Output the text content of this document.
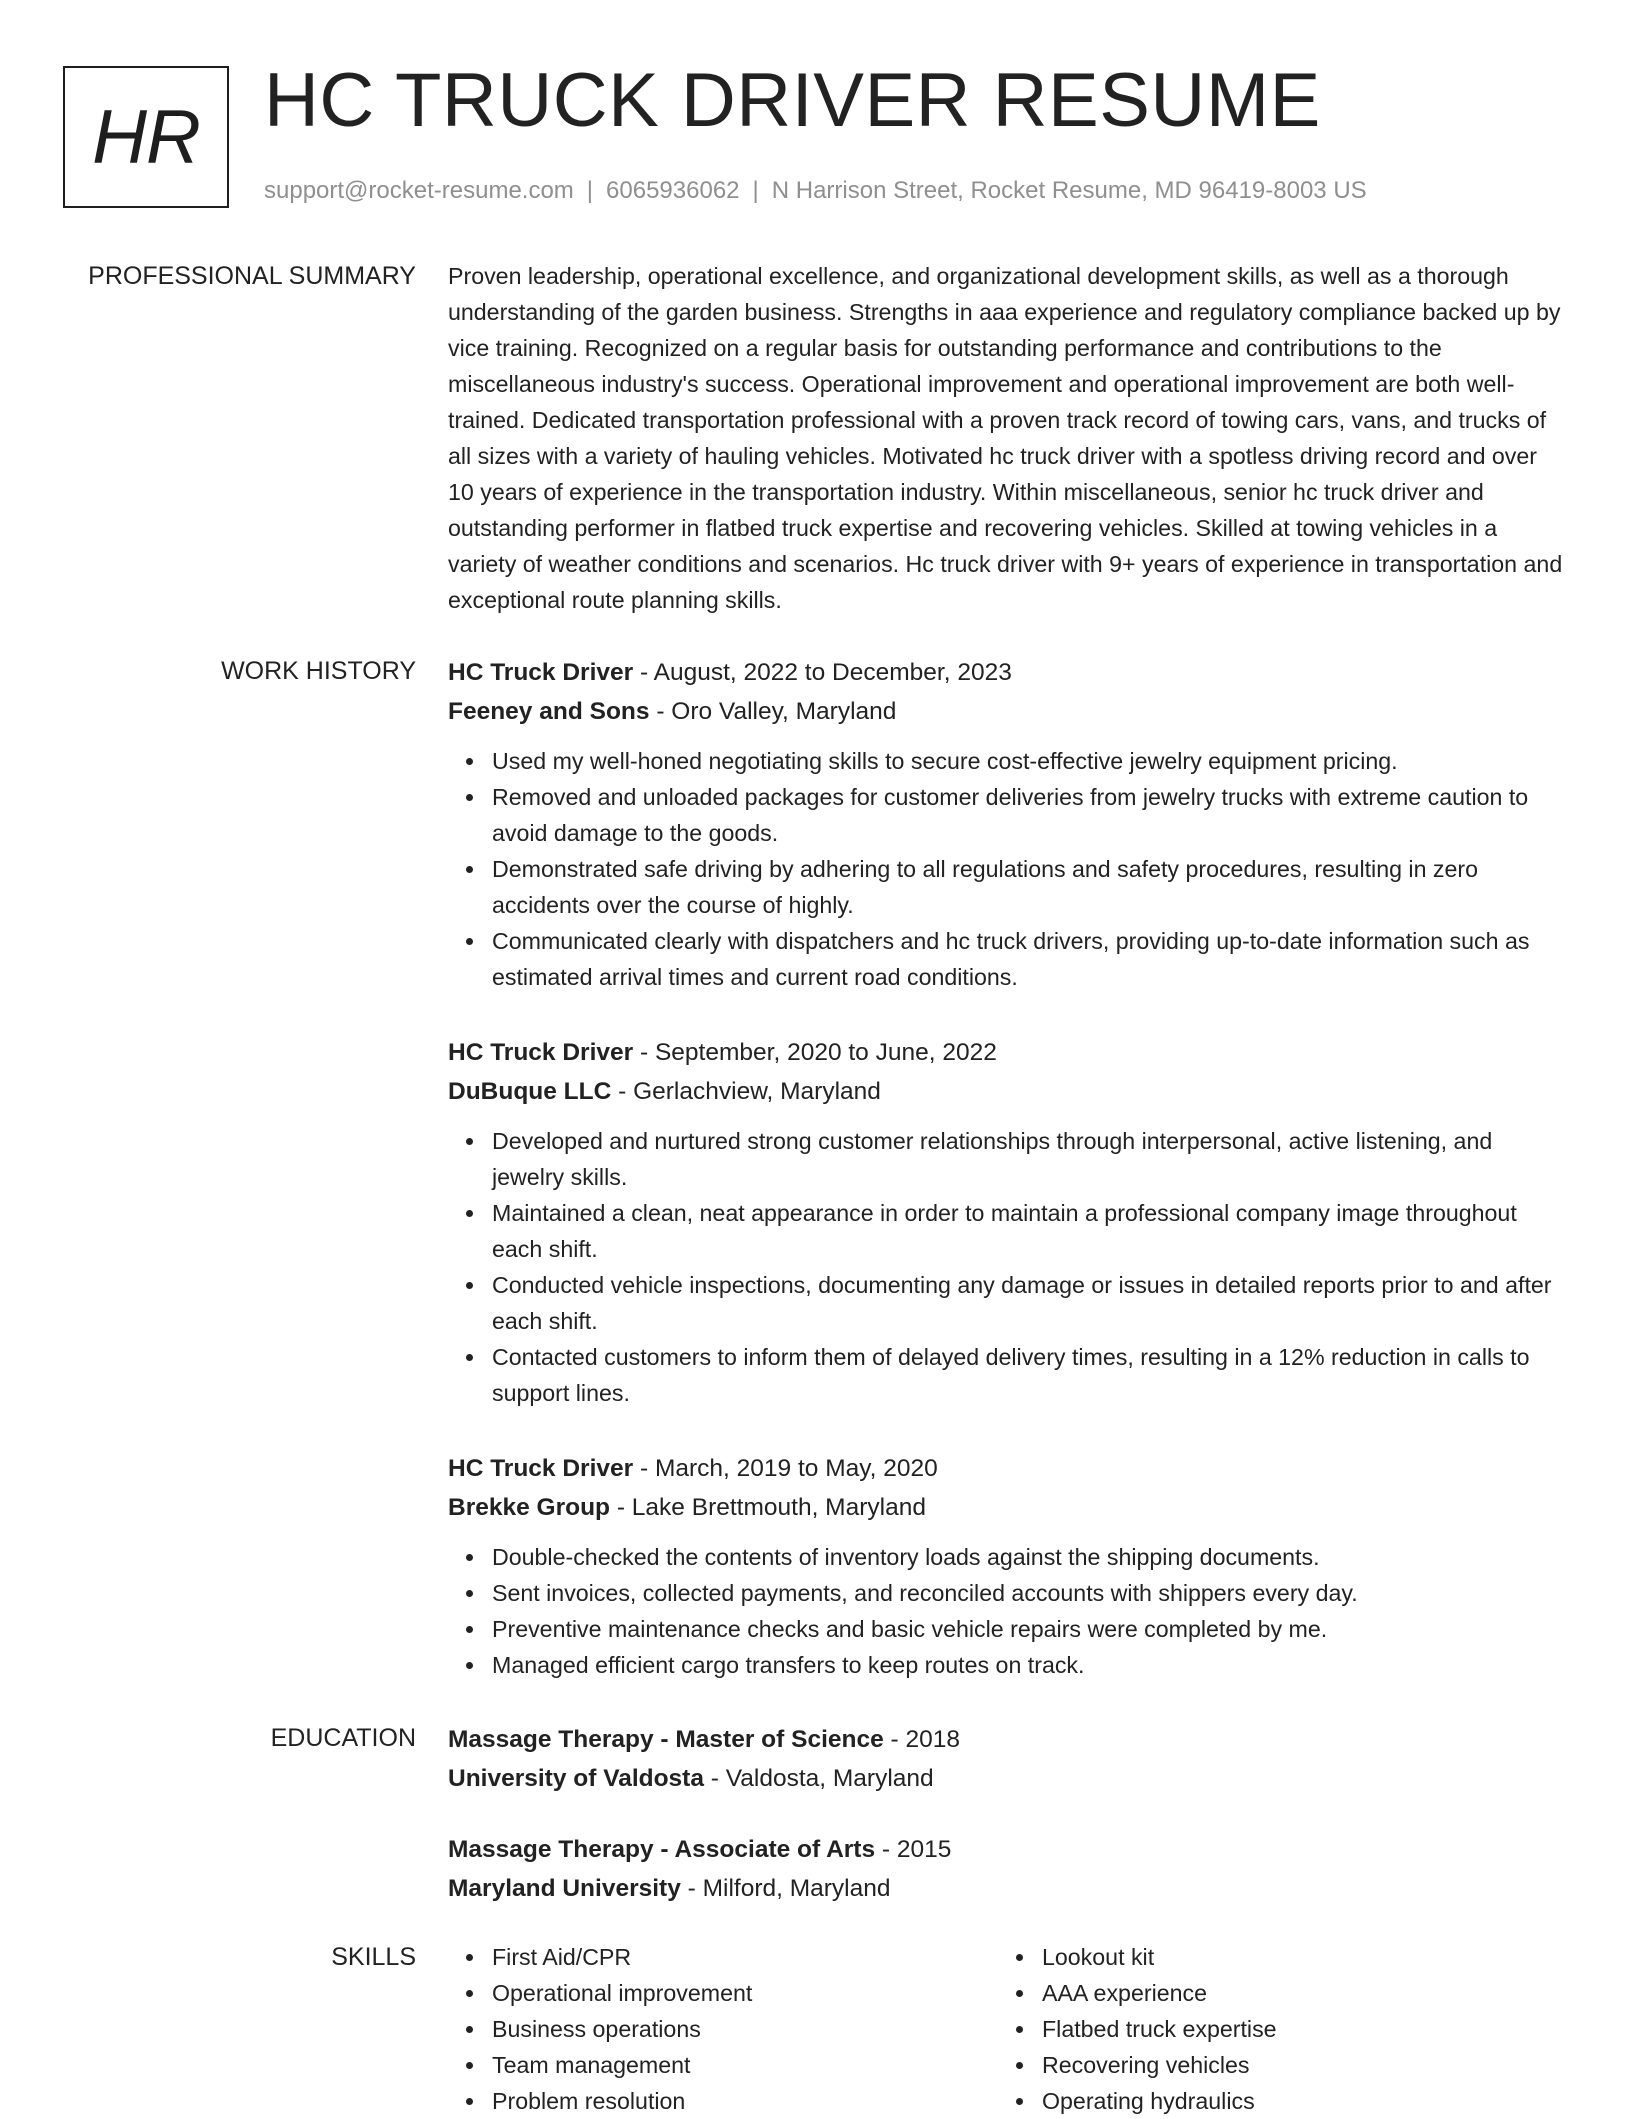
HR HC TRUCK DRIVER RESUME
support@rocket-resume.com | 6065936062 | N Harrison Street, Rocket Resume, MD 96419-8003 US
PROFESSIONAL SUMMARY Proven leadership, operational excellence, and organizational development skills, as well as a thorough understanding of the garden business. Strengths in aaa experience and regulatory compliance backed up by vice training. Recognized on a regular basis for outstanding performance and contributions to the miscellaneous industry's success. Operational improvement and operational improvement are both well-trained. Dedicated transportation professional with a proven track record of towing cars, vans, and trucks of all sizes with a variety of hauling vehicles. Motivated hc truck driver with a spotless driving record and over 10 years of experience in the transportation industry. Within miscellaneous, senior hc truck driver and outstanding performer in flatbed truck expertise and recovering vehicles. Skilled at towing vehicles in a variety of weather conditions and scenarios. Hc truck driver with 9+ years of experience in transportation and exceptional route planning skills.

WORK HISTORY HC Truck Driver - August, 2022 to December, 2023
Feeney and Sons - Oro Valley, Maryland
Used my well-honed negotiating skills to secure cost-effective jewelry equipment pricing.
Removed and unloaded packages for customer deliveries from jewelry trucks with extreme caution to avoid damage to the goods.
Demonstrated safe driving by adhering to all regulations and safety procedures, resulting in zero accidents over the course of highly.
Communicated clearly with dispatchers and hc truck drivers, providing up-to-date information such as estimated arrival times and current road conditions.
HC Truck Driver - September, 2020 to June, 2022
DuBuque LLC - Gerlachview, Maryland
Developed and nurtured strong customer relationships through interpersonal, active listening, and jewelry skills.
Maintained a clean, neat appearance in order to maintain a professional company image throughout each shift.
Conducted vehicle inspections, documenting any damage or issues in detailed reports prior to and after each shift.
Contacted customers to inform them of delayed delivery times, resulting in a 12% reduction in calls to support lines.
HC Truck Driver - March, 2019 to May, 2020
Brekke Group - Lake Brettmouth, Maryland
Double-checked the contents of inventory loads against the shipping documents.
Sent invoices, collected payments, and reconciled accounts with shippers every day.
Preventive maintenance checks and basic vehicle repairs were completed by me.
Managed efficient cargo transfers to keep routes on track.
EDUCATION Massage Therapy - Master of Science - 2018
University of Valdosta - Valdosta, Maryland
Massage Therapy - Associate of Arts - 2015
Maryland University - Milford, Maryland
SKILLS	First Aid/CPR
Operational improvement
Business operations
Team management
Problem resolution
Lookout kit
AAA experience
Flatbed truck expertise
Recovering vehicles
Operating hydraulics
